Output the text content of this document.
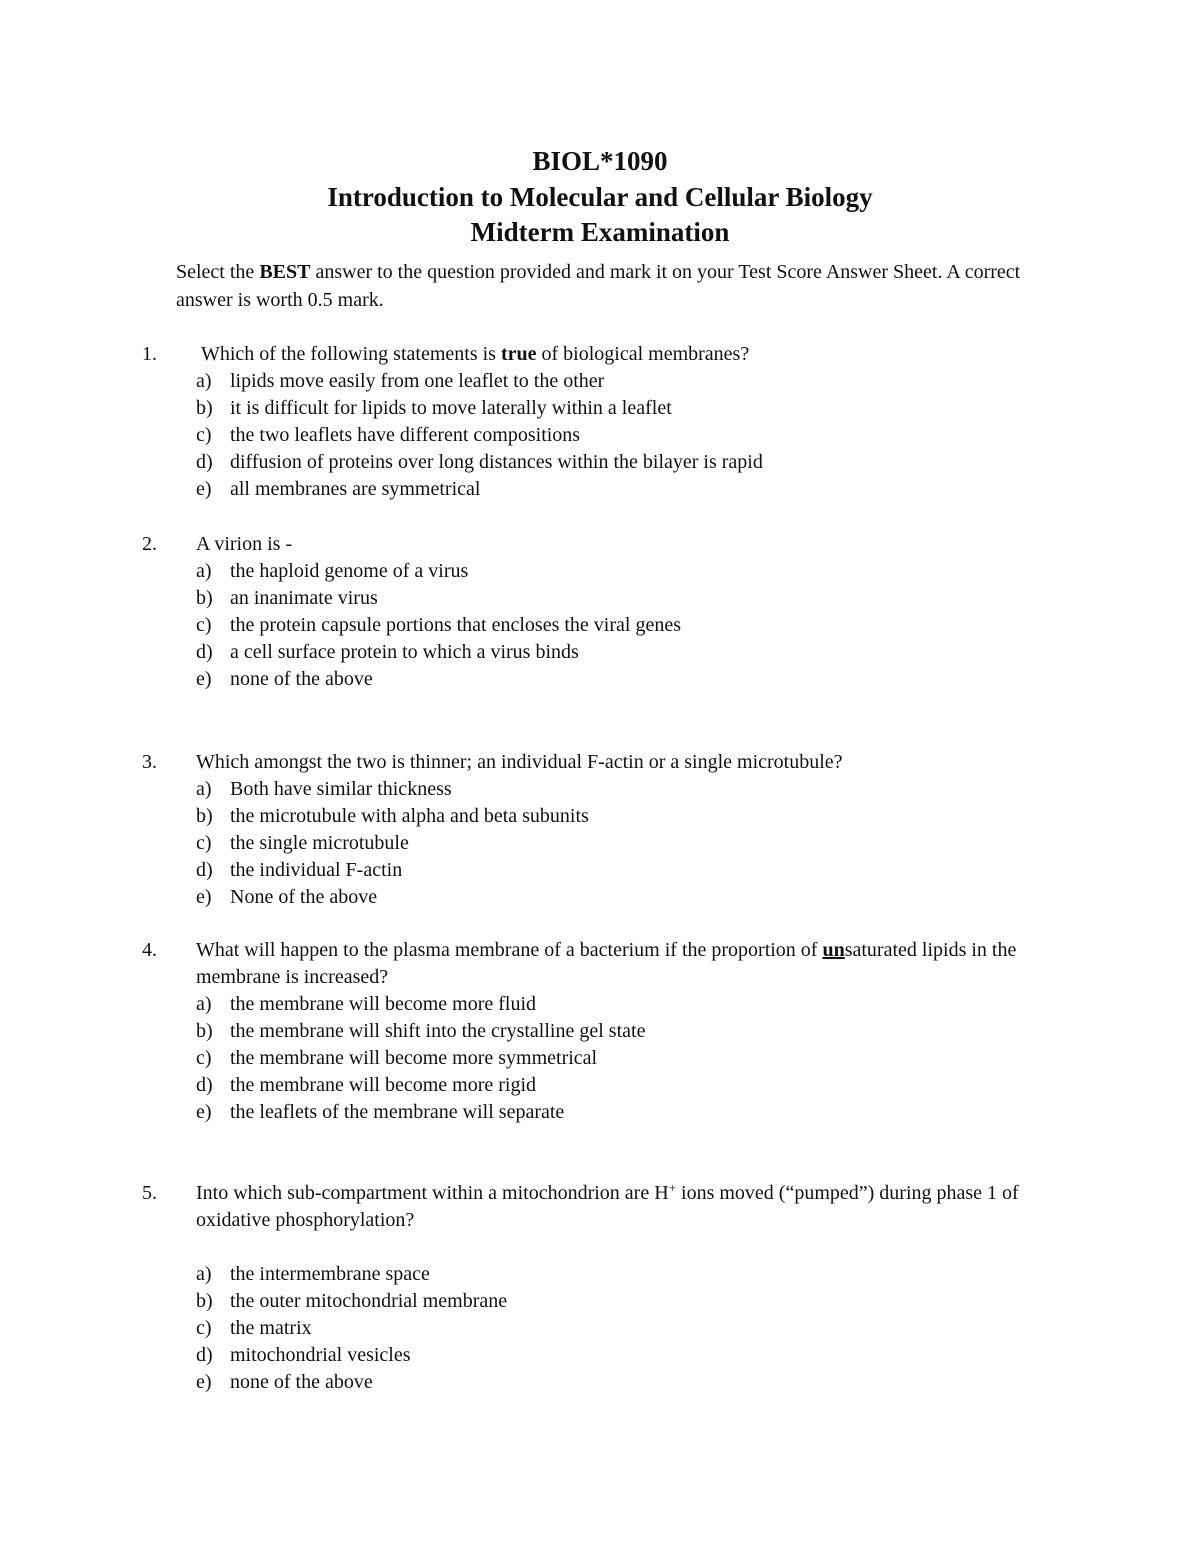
BIOL*1090
Introduction to Molecular and Cellular Biology
Midterm Examination
Select the BEST answer to the question provided and mark it on your Test Score Answer Sheet. A correct answer is worth 0.5 mark.
1. Which of the following statements is true of biological membranes?
a) lipids move easily from one leaflet to the other
b) it is difficult for lipids to move laterally within a leaflet
c) the two leaflets have different compositions
d) diffusion of proteins over long distances within the bilayer is rapid
e) all membranes are symmetrical
2. A virion is -
a) the haploid genome of a virus
b) an inanimate virus
c) the protein capsule portions that encloses the viral genes
d) a cell surface protein to which a virus binds
e) none of the above
3. Which amongst the two is thinner; an individual F-actin or a single microtubule?
a) Both have similar thickness
b) the microtubule with alpha and beta subunits
c) the single microtubule
d) the individual F-actin
e) None of the above
4. What will happen to the plasma membrane of a bacterium if the proportion of unsaturated lipids in the membrane is increased?
a) the membrane will become more fluid
b) the membrane will shift into the crystalline gel state
c) the membrane will become more symmetrical
d) the membrane will become more rigid
e) the leaflets of the membrane will separate
5. Into which sub-compartment within a mitochondrion are H+ ions moved (“pumped”) during phase 1 of oxidative phosphorylation?
a) the intermembrane space
b) the outer mitochondrial membrane
c) the matrix
d) mitochondrial vesicles
e) none of the above
